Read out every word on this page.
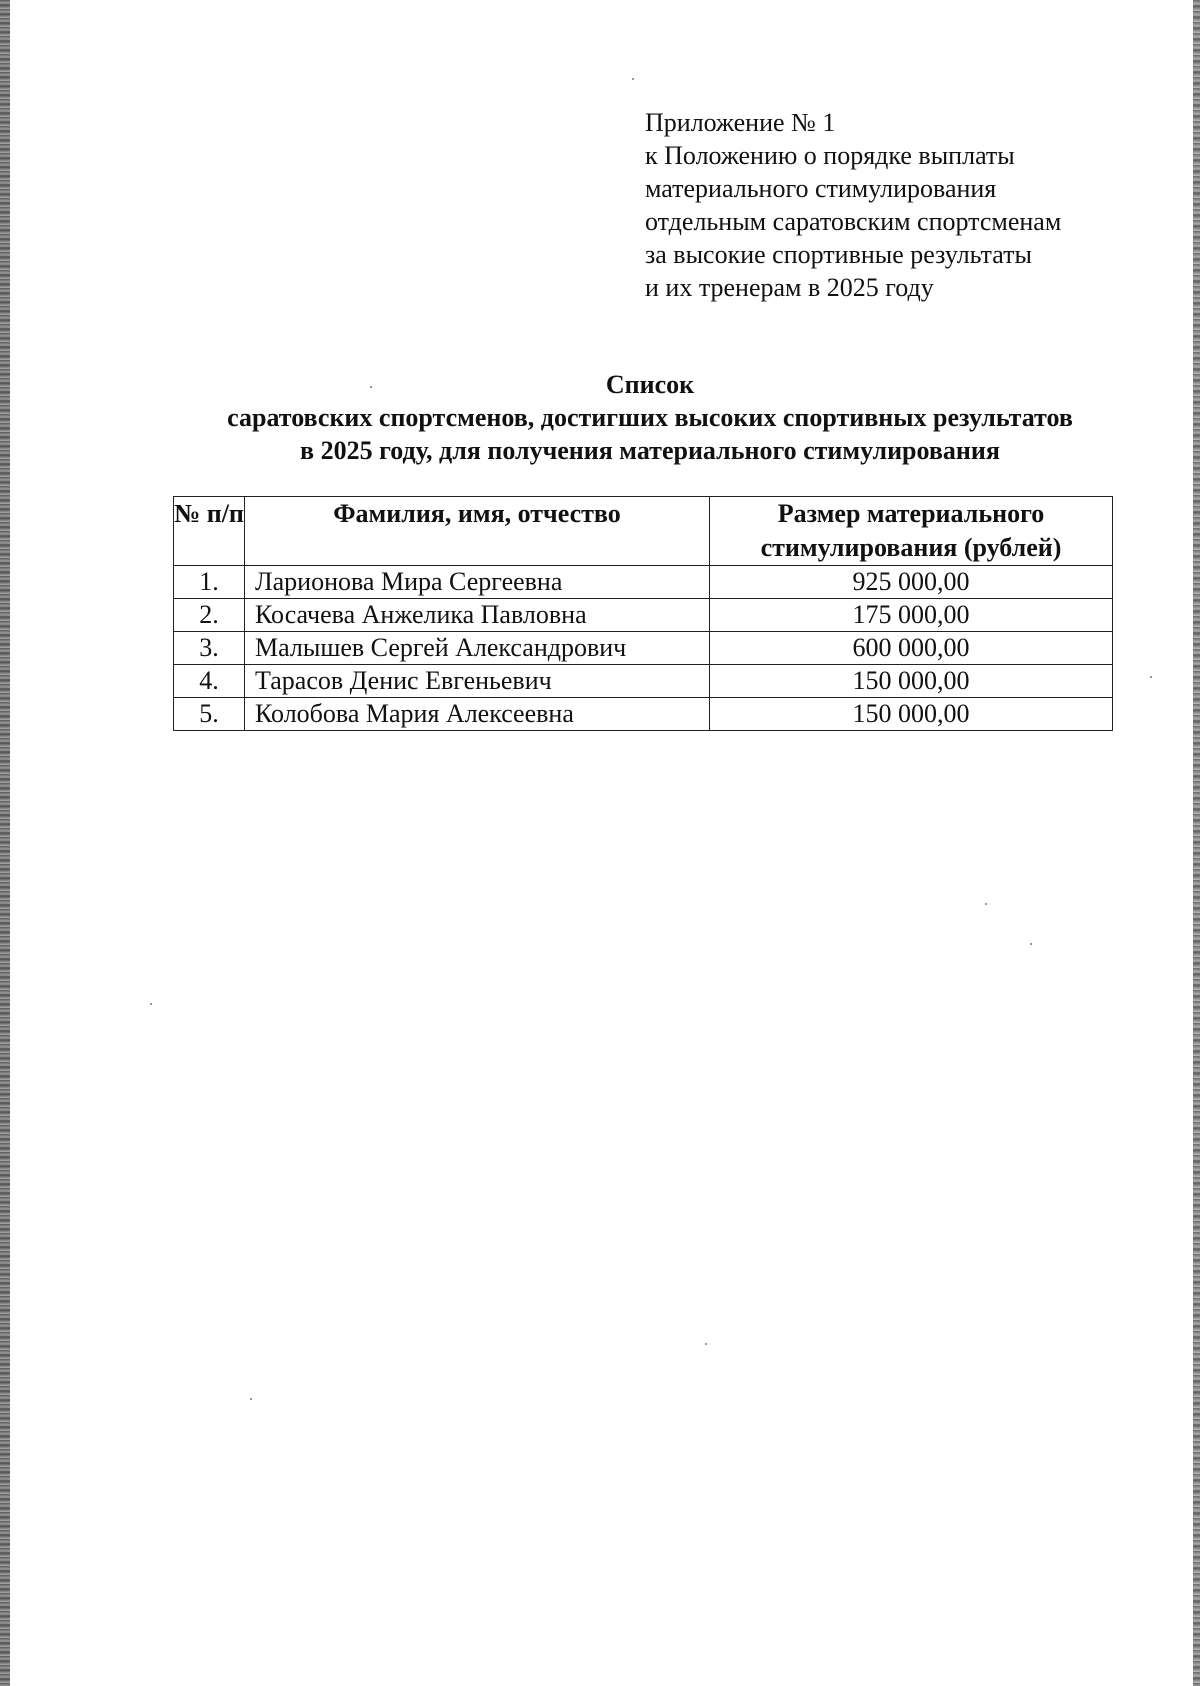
Приложение № 1
к Положению о порядке выплаты
материального стимулирования
отдельным саратовским спортсменам
за высокие спортивные результаты
и их тренерам в 2025 году
Список
саратовских спортсменов, достигших высоких спортивных результатов
в 2025 году, для получения материального стимулирования
№ п/п	Фамилия, имя, отчество	Размер материального стимулирования (рублей)
1.	Ларионова Мира Сергеевна	925 000,00
2.	Косачева Анжелика Павловна	175 000,00
3.	Малышев Сергей Александрович	600 000,00
4.	Тарасов Денис Евгеньевич	150 000,00
5.	Колобова Мария Алексеевна	150 000,00
